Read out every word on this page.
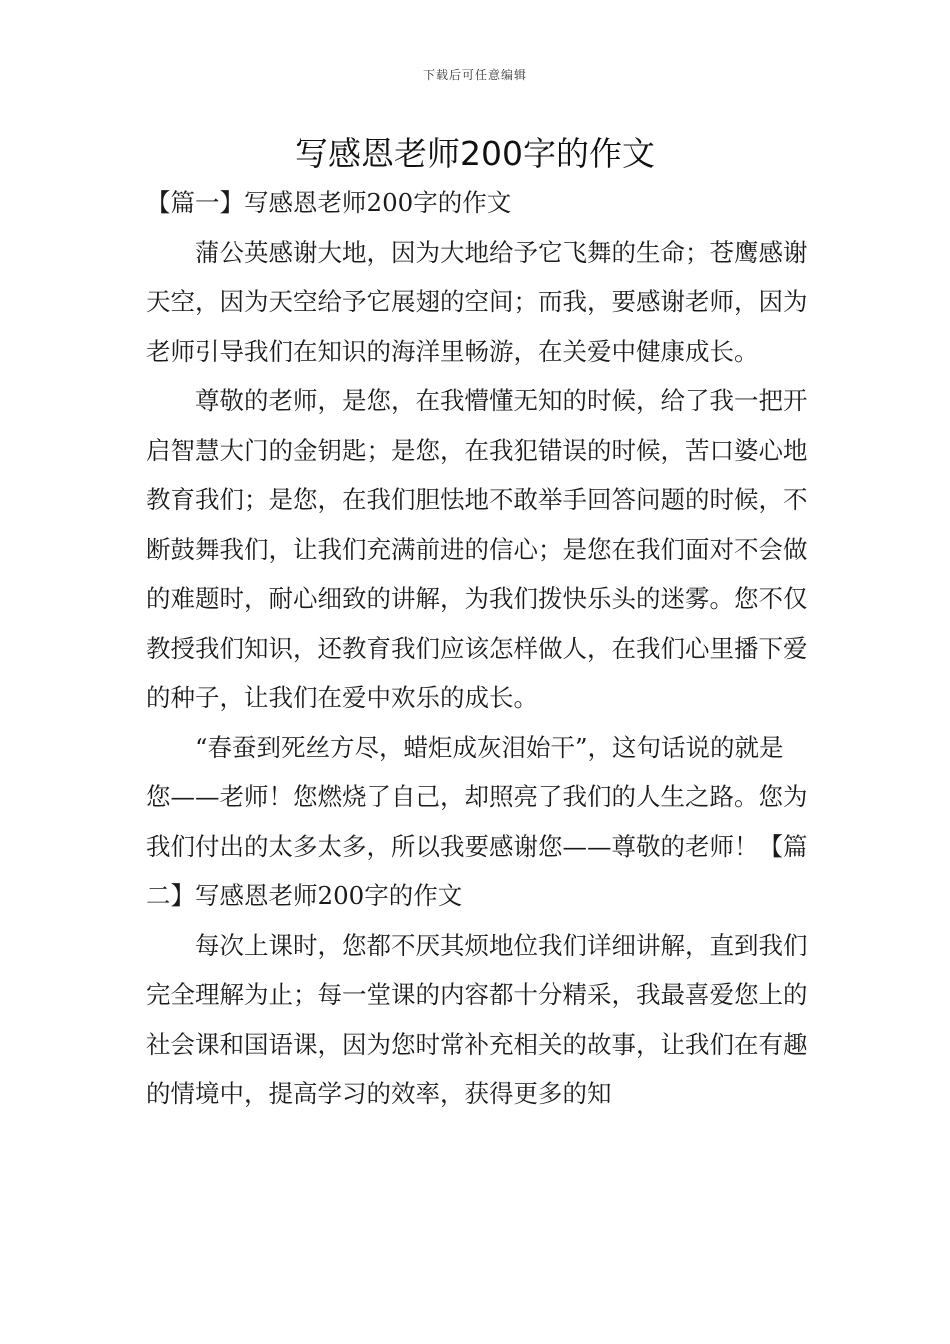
下载后可任意编辑
写感恩老师200字的作文

【篇一】写感恩老师200字的作文

蒲公英感谢大地，因为大地给予它飞舞的生命；苍鹰感谢天空，因为天空给予它展翅的空间；而我，要感谢老师，因为老师引导我们在知识的海洋里畅游，在关爱中健康成长。

尊敬的老师，是您，在我懵懂无知的时候，给了我一把开启智慧大门的金钥匙；是您，在我犯错误的时候，苦口婆心地教育我们；是您，在我们胆怯地不敢举手回答问题的时候，不断鼓舞我们，让我们充满前进的信心；是您在我们面对不会做的难题时，耐心细致的讲解，为我们拨快乐头的迷雾。您不仅教授我们知识，还教育我们应该怎样做人，在我们心里播下爱的种子，让我们在爱中欢乐的成长。

“春蚕到死丝方尽，蜡炬成灰泪始干”，这句话说的就是您——老师！您燃烧了自己，却照亮了我们的人生之路。您为我们付出的太多太多，所以我要感谢您——尊敬的老师！【篇二】写感恩老师200字的作文

每次上课时，您都不厌其烦地位我们详细讲解，直到我们完全理解为止；每一堂课的内容都十分精采，我最喜爱您上的社会课和国语课，因为您时常补充相关的故事，让我们在有趣的情境中，提高学习的效率，获得更多的知
